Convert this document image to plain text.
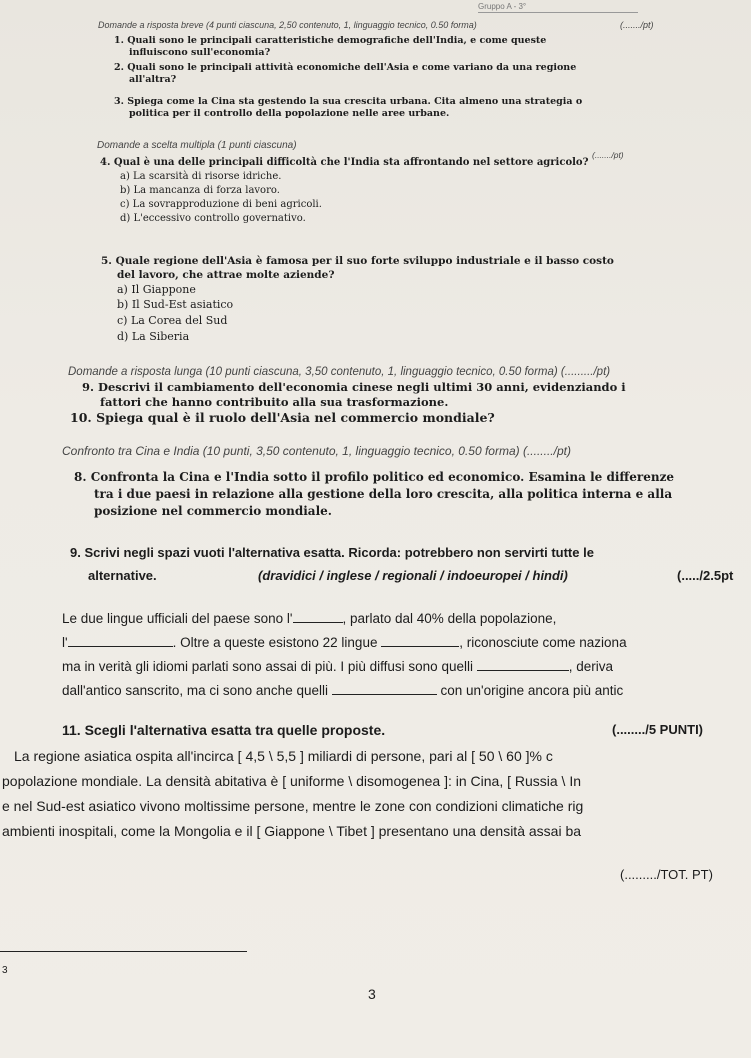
Gruppo A - 3°
Domande a risposta breve (4 punti ciascuna, 2,50 contenuto, 1, linguaggio tecnico, 0.50 forma)	(......./pt)
1. Quali sono le principali caratteristiche demografiche dell'India, e come queste
influiscono sull'economia?
2. Quali sono le principali attività economiche dell'Asia e come variano da una regione
all'altra?
3. Spiega come la Cina sta gestendo la sua crescita urbana. Cita almeno una strategia o
politica per il controllo della popolazione nelle aree urbane.
Domande a scelta multipla (1 punti ciascuna)
(......./pt)
4. Qual è una delle principali difficoltà che l'India sta affrontando nel settore agricolo?
a) La scarsità di risorse idriche.
b) La mancanza di forza lavoro.
c) La sovrapproduzione di beni agricoli.
d) L'eccessivo controllo governativo.
5. Quale regione dell'Asia è famosa per il suo forte sviluppo industriale e il basso costo
del lavoro, che attrae molte aziende?
a) Il Giappone
b) Il Sud-Est asiatico
c) La Corea del Sud
d) La Siberia
Domande a risposta lunga (10 punti ciascuna, 3,50 contenuto, 1, linguaggio tecnico, 0.50 forma) (........./pt)
9. Descrivi il cambiamento dell'economia cinese negli ultimi 30 anni, evidenziando i
fattori che hanno contribuito alla sua trasformazione.
10. Spiega qual è il ruolo dell'Asia nel commercio mondiale?
Confronto tra Cina e India (10 punti, 3,50 contenuto, 1, linguaggio tecnico, 0.50 forma) (......../pt)
8. Confronta la Cina e l'India sotto il profilo politico ed economico. Esamina le differenze
tra i due paesi in relazione alla gestione della loro crescita, alla politica interna e alla
posizione nel commercio mondiale.
9. Scrivi negli spazi vuoti l'alternativa esatta. Ricorda: potrebbero non servirti tutte le
alternative.	(dravidici / inglese / regionali / indoeuropei / hindi)	(...../2.5pt
Le due lingue ufficiali del paese sono l'	, parlato dal 40% della popolazione,
l'	. Oltre a queste esistono 22 lingue	, riconosciute come naziona
ma in verità gli idiomi parlati sono assai di più. I più diffusi sono quelli	, deriva
dall'antico sanscrito, ma ci sono anche quelli	con un'origine ancora più antic
11. Scegli l'alternativa esatta tra quelle proposte.	(......../5 PUNTI)
La regione asiatica ospita all'incirca [ 4,5 \ 5,5 ] miliardi di persone, pari al [ 50 \ 60 ]% c
popolazione mondiale. La densità abitativa è [ uniforme \ disomogenea ]: in Cina, [ Russia \ In
e nel Sud-est asiatico vivono moltissime persone, mentre le zone con condizioni climatiche rig
ambienti inospitali, come la Mongolia e il [ Giappone \ Tibet ] presentano una densità assai ba
(........./TOT. PT)
3
3
